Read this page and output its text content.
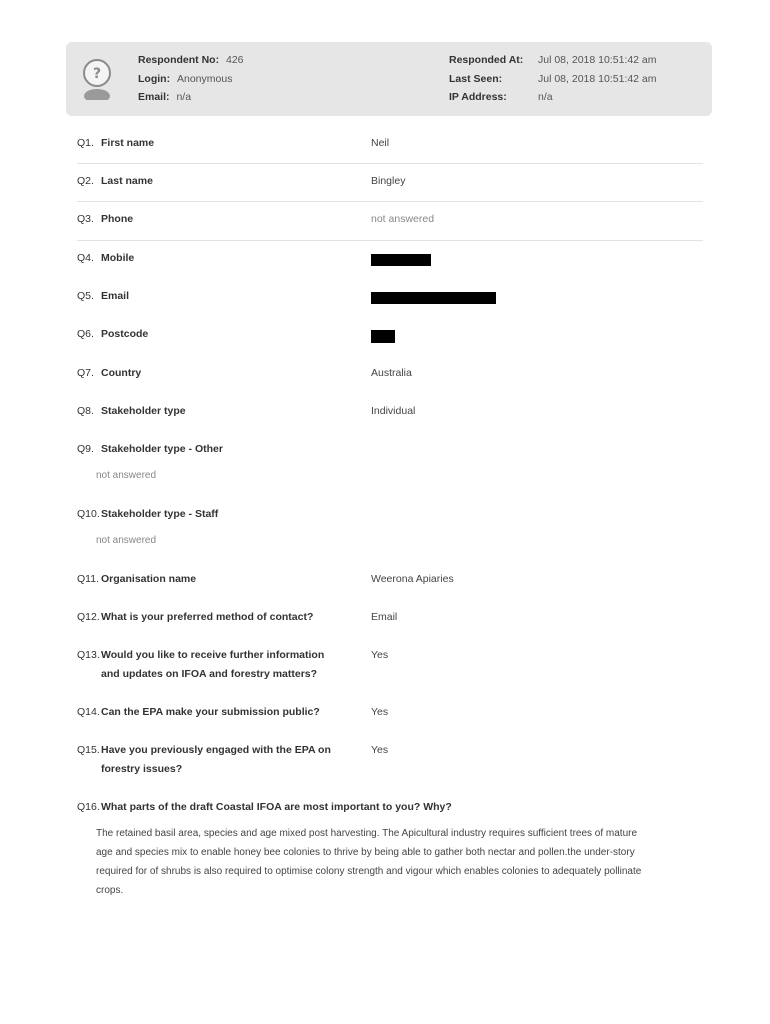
?
Respondent No: 426
Login: Anonymous
Email: n/a
Responded At: Jul 08, 2018 10:51:42 am
Last Seen:	Jul 08, 2018 10:51:42 am
IP Address:	n/a
Q1. First name	Neil
Q2. Last name	Bingley
Q3. Phone	not answered
Q4. Mobile
Q5. Email
Q6. Postcode
Q7. Country	Australia
Q8. Stakeholder type	Individual
Q9. Stakeholder type - Other
not answered
Q10. Stakeholder type - Staff
not answered
Q11. Organisation name	Weerona Apiaries
Q12. What is your preferred method of contact?	Email
Q13. Would you like to receive further information
and updates on IFOA and forestry matters?
Yes
Q14. Can the EPA make your submission public?	Yes
Q15. Have you previously engaged with the EPA on
forestry issues?
Yes
Q16. What parts of the draft Coastal IFOA are most important to you? Why?
The retained basil area, species and age mixed post harvesting. The Apicultural industry requires sufficient trees of mature
age and species mix to enable honey bee colonies to thrive by being able to gather both nectar and pollen.the under-story
required for of shrubs is also required to optimise colony strength and vigour which enables colonies to adequately pollinate
crops.
